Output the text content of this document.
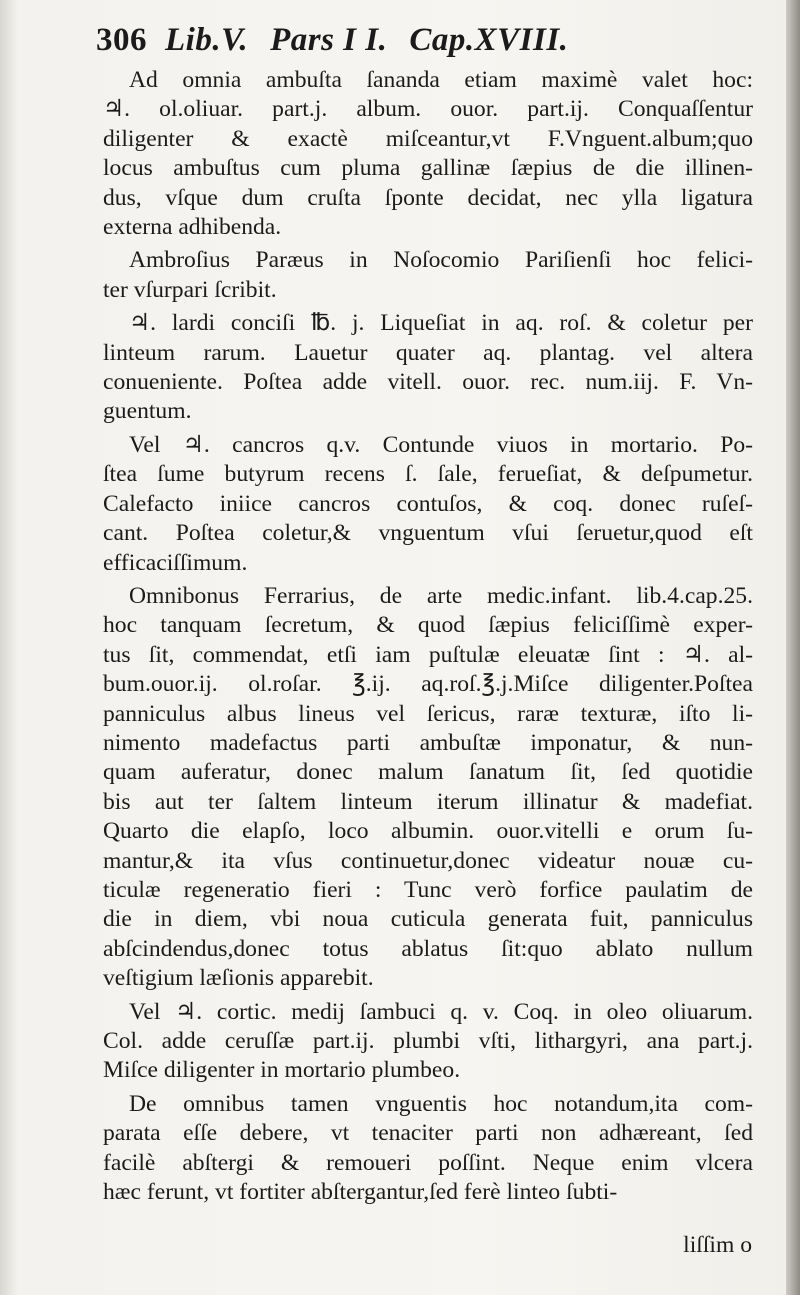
306 Lib.V. Pars I I. Cap.XVIII.
Ad omnia ambuſta ſananda etiam maximè valet hoc:
♃. ol.oliuar. part.j. album. ouor. part.ij. Conquaſſentur
diligenter & exactè miſceantur,vt F.Vnguent.album;quo
locus ambuſtus cum pluma gallinæ ſæpius de die illinen-
dus, vſque dum cruſta ſponte decidat, nec ylla ligatura
externa adhibenda.
Ambroſius Paræus in Noſocomio Pariſienſi hoc felici-
ter vſurpari ſcribit.
♃. lardi conciſi ℔. j. Liqueſiat in aq. roſ. & coletur per
linteum rarum. Lauetur quater aq. plantag. vel altera
conueniente. Poſtea adde vitell. ouor. rec. num.iij. F. Vn-
guentum.
Vel ♃. cancros q.v. Contunde viuos in mortario. Po-
ſtea ſume butyrum recens ſ. ſale, ferueſiat, & deſpumetur.
Calefacto iniice cancros contuſos, & coq. donec ruſeſ-
cant. Poſtea coletur,& vnguentum vſui ſeruetur,quod eſt
efficaciſſimum.
Omnibonus Ferrarius, de arte medic.infant. lib.4.cap.25.
hoc tanquam ſecretum, & quod ſæpius feliciſſimè exper-
tus ſit, commendat, etſi iam puſtulæ eleuatæ ſint : ♃. al-
bum.ouor.ij. ol.roſar. ℥.ij. aq.roſ.℥.j.Miſce diligenter.Poſtea
panniculus albus lineus vel ſericus, raræ texturæ, iſto li-
nimento madefactus parti ambuſtæ imponatur, & nun-
quam auferatur, donec malum ſanatum ſit, ſed quotidie
bis aut ter ſaltem linteum iterum illinatur & madefiat.
Quarto die elapſo, loco albumin. ouor.vitelli e orum ſu-
mantur,& ita vſus continuetur,donec videatur nouæ cu-
ticulæ regeneratio fieri : Tunc verò forfice paulatim de
die in diem, vbi noua cuticula generata fuit, panniculus
abſcindendus,donec totus ablatus ſit:quo ablato nullum
veſtigium læſionis apparebit.
Vel ♃. cortic. medij ſambuci q. v. Coq. in oleo oliuarum.
Col. adde ceruſſæ part.ij. plumbi vſti, lithargyri, ana part.j.
Miſce diligenter in mortario plumbeo.
De omnibus tamen vnguentis hoc notandum,ita com-
parata eſſe debere, vt tenaciter parti non adhæreant, ſed
facilè abſtergi & remoueri poſſint. Neque enim vlcera
hæc ferunt, vt fortiter abſtergantur,ſed ferè linteo ſubti-
liſſim o
